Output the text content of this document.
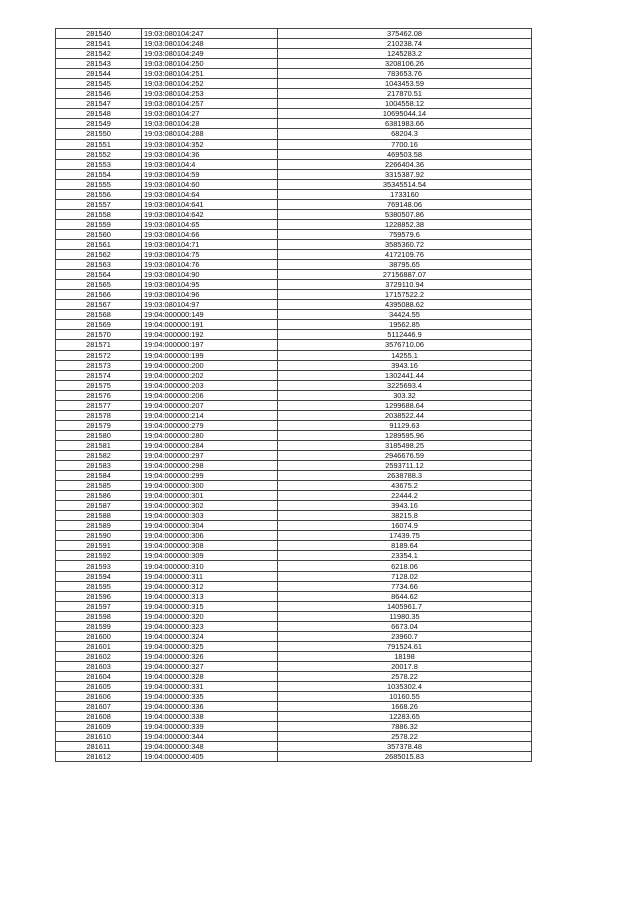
281540	19:03:080104:247	375462.08
281541	19:03:080104:248	210238.74
281542	19:03:080104:249	1245283.2
281543	19:03:080104:250	3208106.26
281544	19:03:080104:251	783653.76
281545	19:03:080104:252	1043453.59
281546	19:03:080104:253	217870.51
281547	19:03:080104:257	1004558.12
281548	19:03:080104:27	10695044.14
281549	19:03:080104:28	6381983.66
281550	19:03:080104:288	68204.3
281551	19:03:080104:352	7700.16
281552	19:03:080104:36	469503.58
281553	19:03:080104:4	2266404.36
281554	19:03:080104:59	3315387.92
281555	19:03:080104:60	35345514.54
281556	19:03:080104:64	1733160
281557	19:03:080104:641	769148.06
281558	19:03:080104:642	5380507.86
281559	19:03:080104:65	1228852.38
281560	19:03:080104:66	759579.6
281561	19:03:080104:71	3585360.72
281562	19:03:080104:75	4172109.76
281563	19:03:080104:76	38795.65
281564	19:03:080104:90	27156887.07
281565	19:03:080104:95	3729110.94
281566	19:03:080104:96	17157522.2
281567	19:03:080104:97	4395088.62
281568	19:04:000000:149	34424.55
281569	19:04:000000:191	19562.85
281570	19:04:000000:192	5112446.9
281571	19:04:000000:197	3576710.06
281572	19:04:000000:199	14255.1
281573	19:04:000000:200	3943.16
281574	19:04:000000:202	1302441.44
281575	19:04:000000:203	3225693.4
281576	19:04:000000:206	303.32
281577	19:04:000000:207	1299688.64
281578	19:04:000000:214	2038522.44
281579	19:04:000000:279	91129.63
281580	19:04:000000:280	1289595.96
281581	19:04:000000:284	3185498.25
281582	19:04:000000:297	2946676.59
281583	19:04:000000:298	2593711.12
281584	19:04:000000:299	2638788.3
281585	19:04:000000:300	43675.2
281586	19:04:000000:301	22444.2
281587	19:04:000000:302	3943.16
281588	19:04:000000:303	38215.8
281589	19:04:000000:304	16074.9
281590	19:04:000000:306	17439.75
281591	19:04:000000:308	8189.64
281592	19:04:000000:309	23354.1
281593	19:04:000000:310	6218.06
281594	19:04:000000:311	7128.02
281595	19:04:000000:312	7734.66
281596	19:04:000000:313	8644.62
281597	19:04:000000:315	1405961.7
281598	19:04:000000:320	11980.35
281599	19:04:000000:323	6673.04
281600	19:04:000000:324	23960.7
281601	19:04:000000:325	791524.61
281602	19:04:000000:326	18198
281603	19:04:000000:327	20017.8
281604	19:04:000000:328	2578.22
281605	19:04:000000:331	1035302.4
281606	19:04:000000:335	10160.55
281607	19:04:000000:336	1668.26
281608	19:04:000000:338	12283.65
281609	19:04:000000:339	7886.32
281610	19:04:000000:344	2578.22
281611	19:04:000000:348	357378.48
281612	19:04:000000:405	2685015.83
